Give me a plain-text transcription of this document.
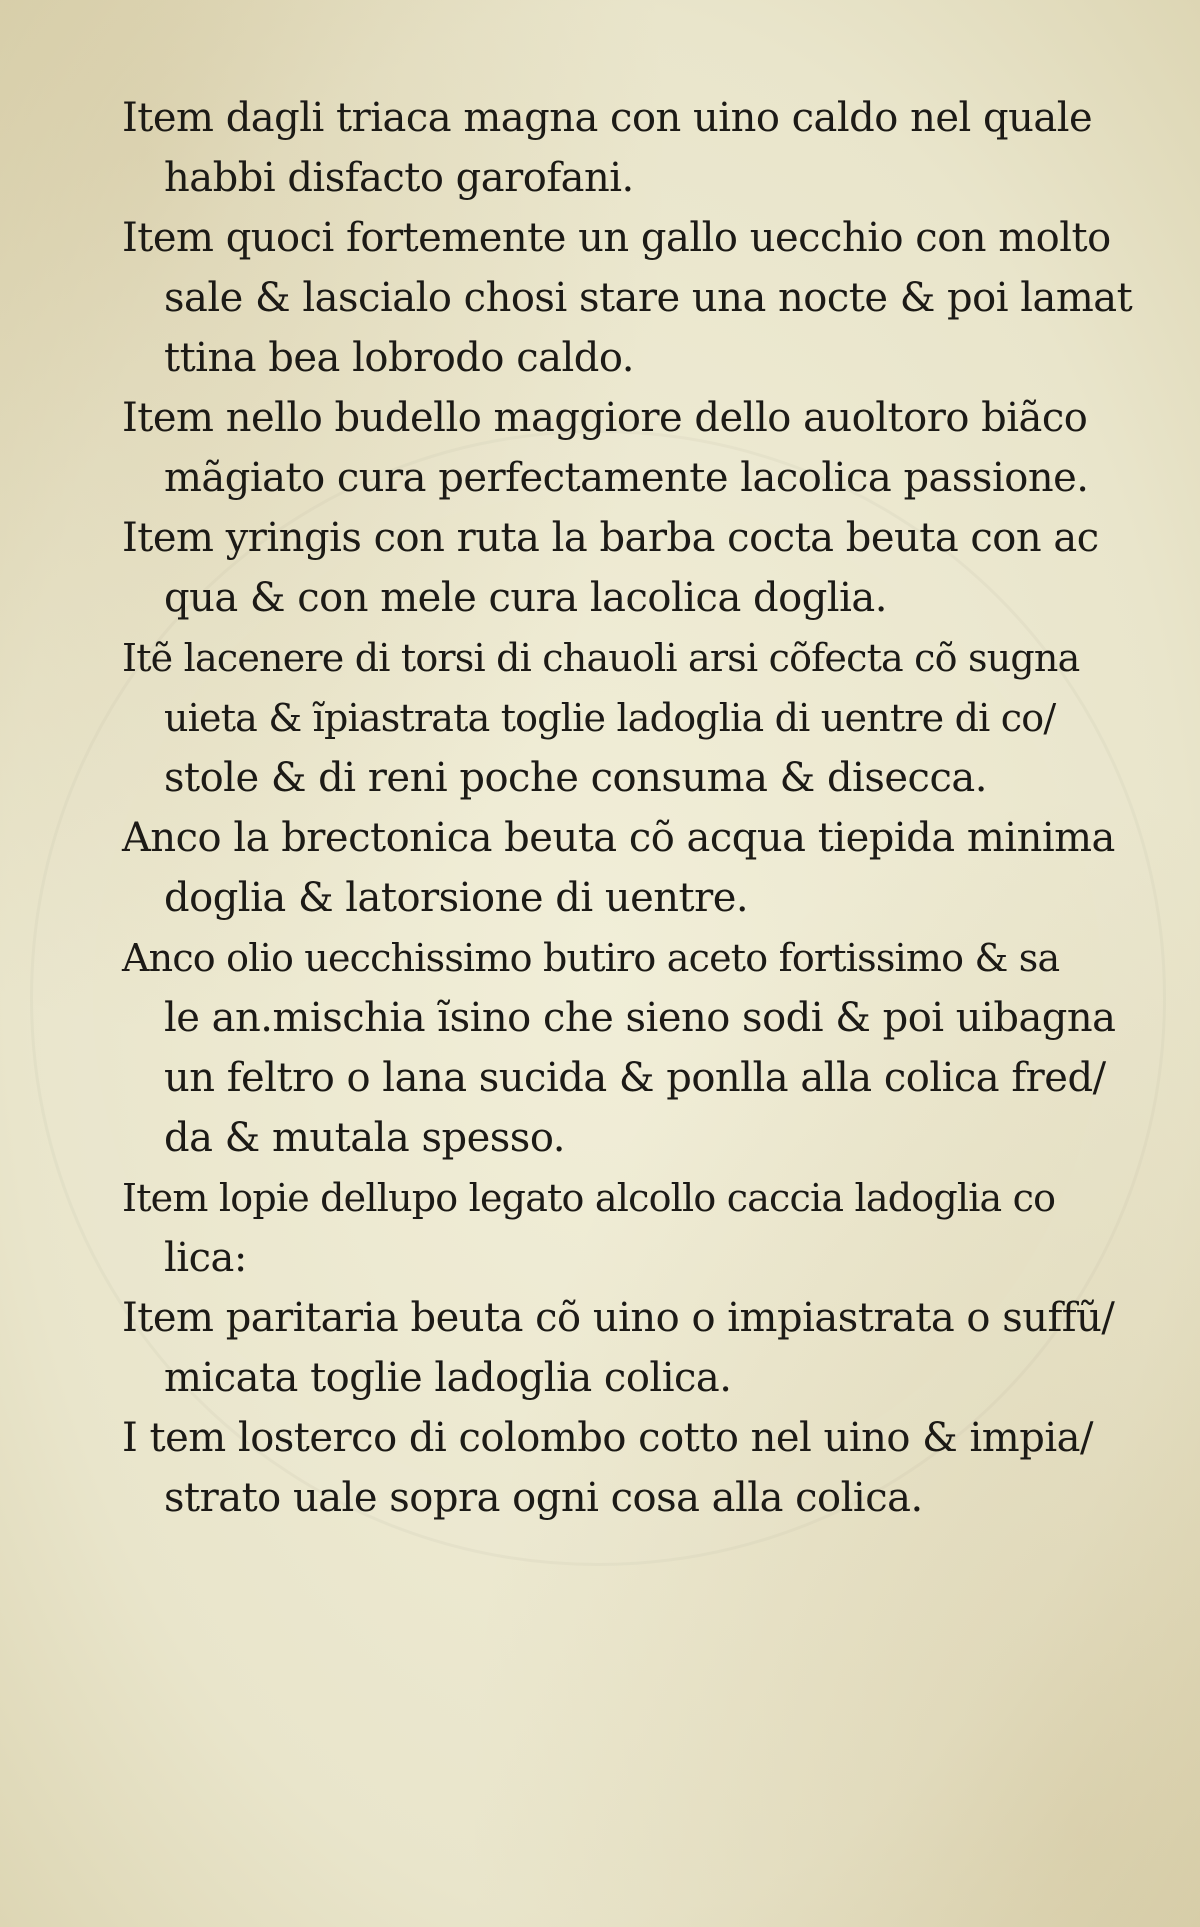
Item dagli triaca magna con uino caldo nel quale
habbi disfacto garofani.

Item quoci fortemente un gallo uecchio con molto
sale & lascialo chosi stare una nocte & poi lamat
ttina bea lobrodo caldo.

Item nello budello maggiore dello auoltoro biãco
mãgiato cura perfectamente lacolica passione.

Item yringis con ruta la barba cocta beuta con ac
qua & con mele cura lacolica doglia.

Itẽ lacenere di torsi di chauoli arsi cõfecta cõ sugna
uieta & ĩpiastrata toglie ladoglia di uentre di co/
stole & di reni poche consuma & disecca.

Anco la brectonica beuta cõ acqua tiepida minima
doglia & latorsione di uentre.

Anco olio uecchissimo butiro aceto fortissimo & sa
le an.mischia ĩsino che sieno sodi & poi uibagna
un feltro o lana sucida & ponlla alla colica fred/
da & mutala spesso.

Item lopie dellupo legato alcollo caccia ladoglia co
lica:

Item paritaria beuta cõ uino o impiastrata o suffũ/
micata toglie ladoglia colica.

I tem losterco di colombo cotto nel uino & impia/
strato uale sopra ogni cosa alla colica.
